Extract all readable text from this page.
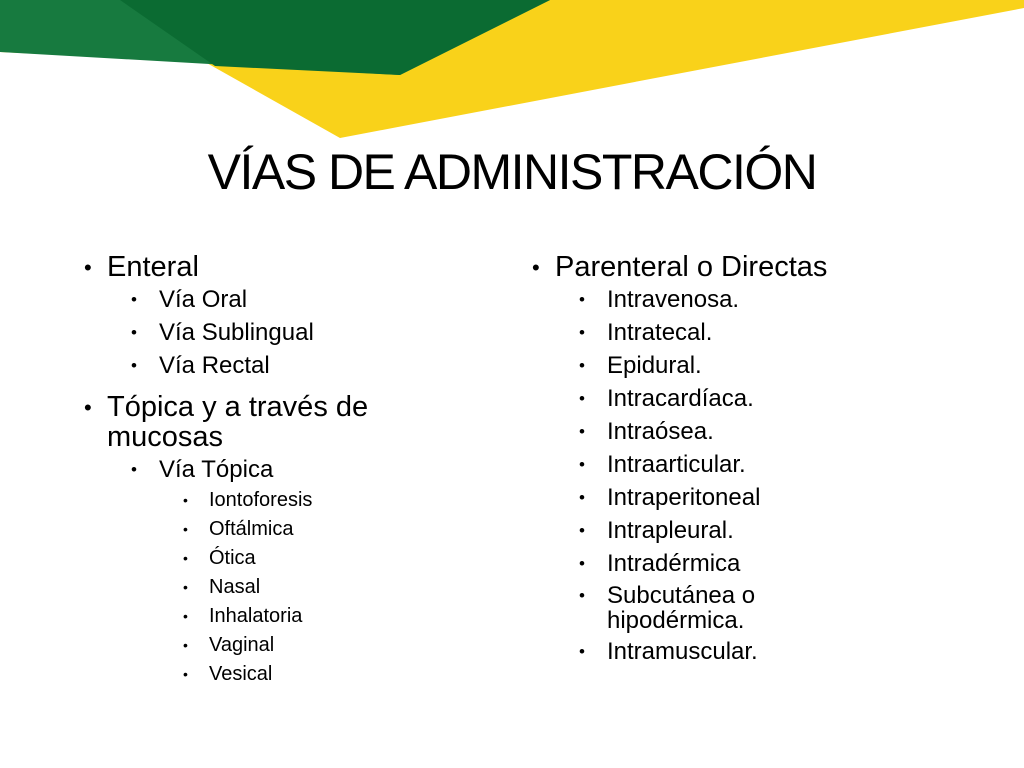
VÍAS DE ADMINISTRACIÓN
• Enteral
• Vía Oral
• Vía Sublingual
• Vía Rectal
• Tópica y a través de mucosas
• Vía Tópica
• Iontoforesis
• Oftálmica
• Ótica
• Nasal
• Inhalatoria
• Vaginal
• Vesical
• Parenteral o Directas
• Intravenosa.
• Intratecal.
• Epidural.
• Intracardíaca.
• Intraósea.
• Intraarticular.
• Intraperitoneal
• Intrapleural.
• Intradérmica
• Subcutánea o hipodérmica.
• Intramuscular.
